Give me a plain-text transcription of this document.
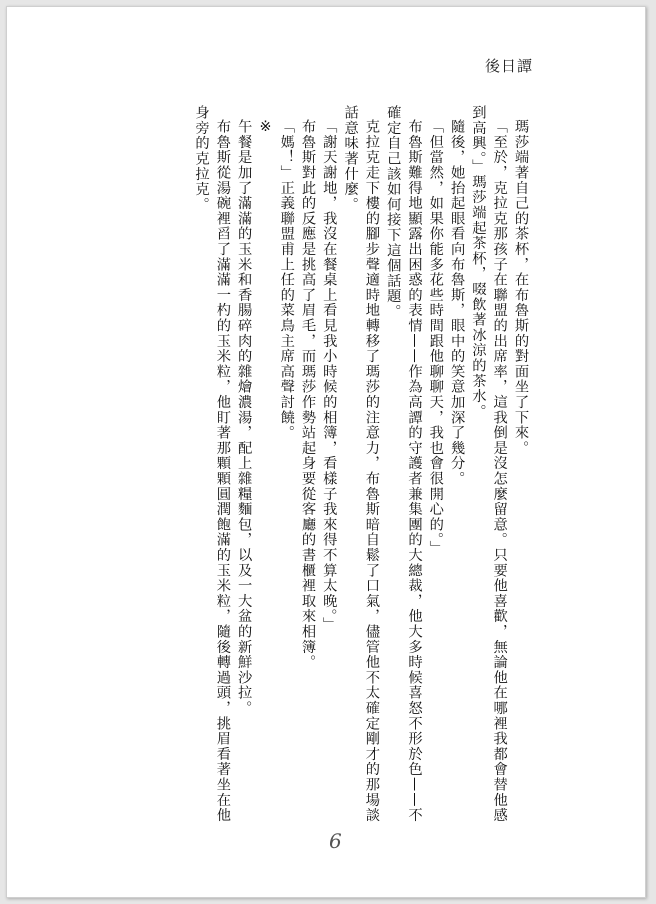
後日譚

瑪莎端著自己的茶杯，在布魯斯的對面坐了下來。

「至於，克拉克那孩子在聯盟的出席率，這我倒是沒怎麼留意。只要他喜歡，無論他在哪裡我都會替他感到高興。」瑪莎端起茶杯，啜飲著冰涼的茶水。

隨後，她抬起眼看向布魯斯，眼中的笑意加深了幾分。

「但當然，如果你能多花些時間跟他聊聊天，我也會很開心的。」

布魯斯難得地顯露出困惑的表情——作為高譚的守護者兼集團的大總裁，他大多時候喜怒不形於色——不確定自己該如何接下這個話題。

克拉克走下樓的腳步聲適時地轉移了瑪莎的注意力，布魯斯暗自鬆了口氣，儘管他不太確定剛才的那場談話意味著什麼。

「謝天謝地，我沒在餐桌上看見我小時候的相簿，看樣子我來得不算太晚。」

布魯斯對此的反應是挑高了眉毛，而瑪莎作勢站起身要從客廳的書櫃裡取來相簿。

「媽！」正義聯盟甫上任的菜鳥主席高聲討饒。

※

午餐是加了滿滿的玉米和香腸碎肉的雜燴濃湯，配上雜糧麵包，以及一大盆的新鮮沙拉。

布魯斯從湯碗裡舀了滿滿一杓的玉米粒，他盯著那顆顆圓潤飽滿的玉米粒，隨後轉過頭，挑眉看著坐在他身旁的克拉克。

6
